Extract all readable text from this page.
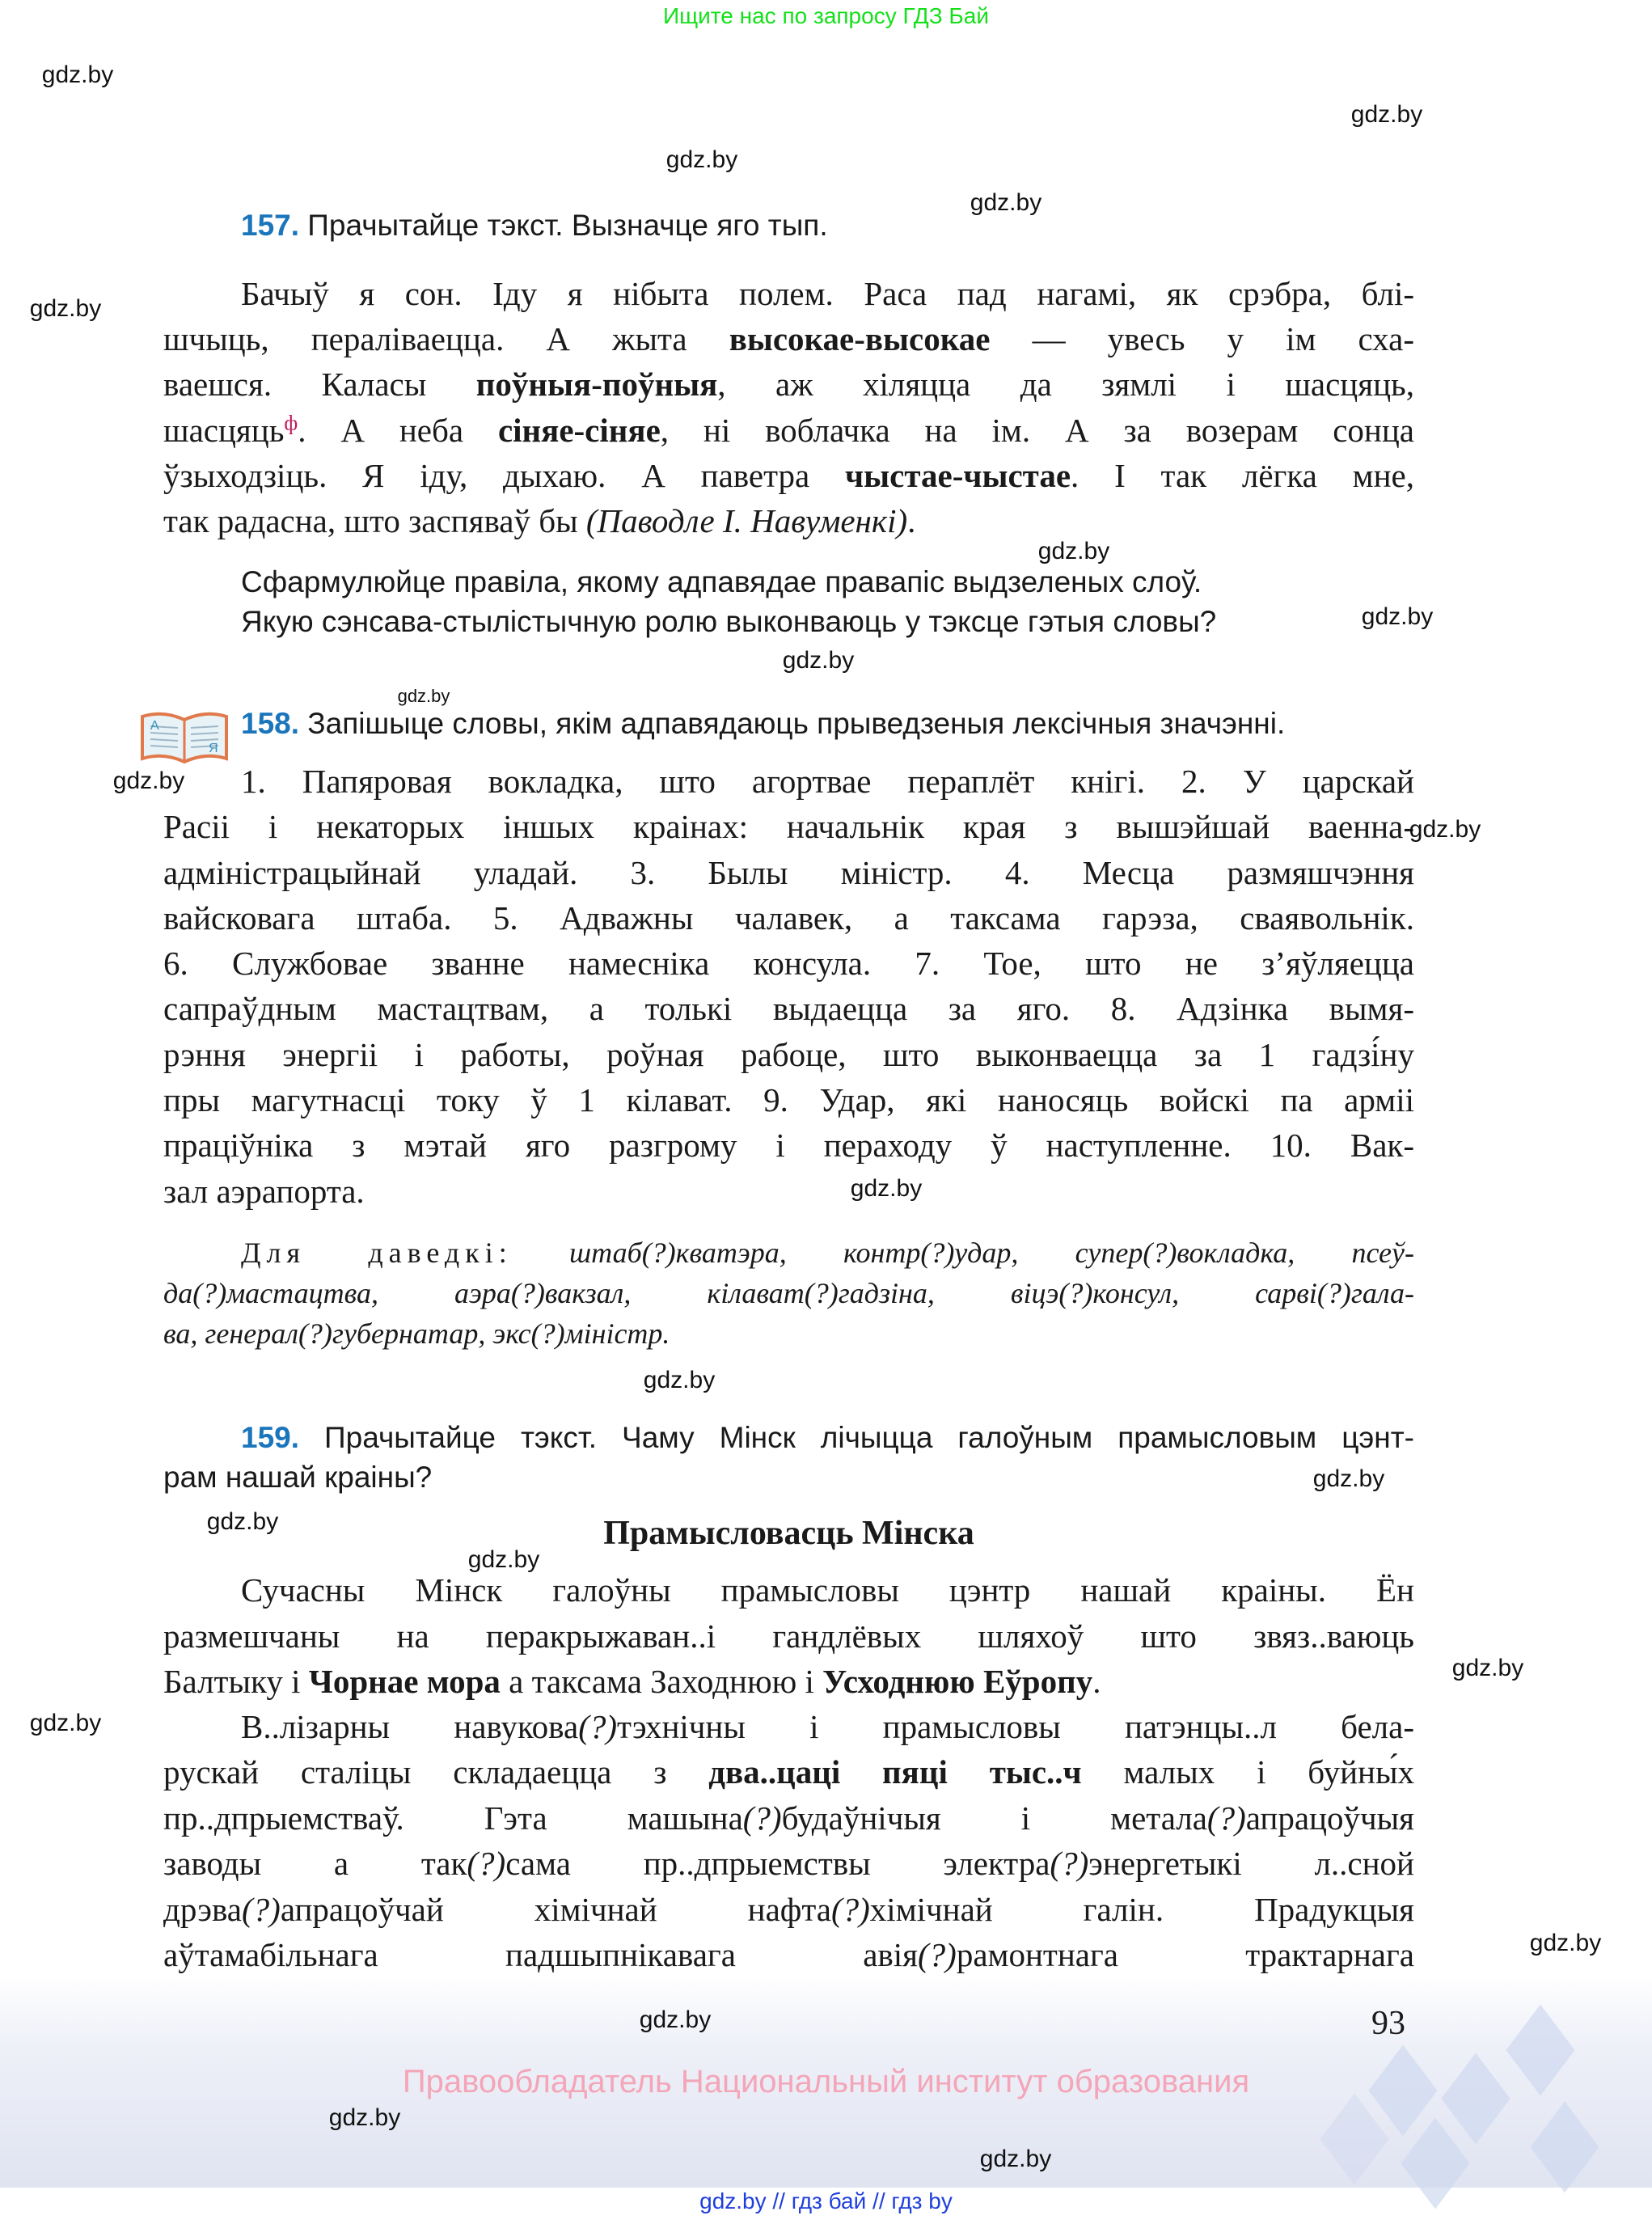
Ищите нас по запросу ГДЗ Бай
157. Прачытайце тэкст. Вызначце яго тып.
Бачыў я сон. Іду я нібыта полем. Раса пад нагамі, як срэбра, блі-
шчыць, пераліваецца. А жыта высокае-высокае — увесь у ім сха-
ваешся. Каласы поўныя-поўныя, аж хіляцца да зямлі і шасцяць,
шасцяць$^ф$. А неба сіняе-сіняе, ні воблачка на ім. А за возерам сонца
ўзыходзіць. Я іду, дыхаю. А паветра чыстае-чыстае. І так лёгка мне,
так радасна, што заспяваў бы (Паводле І. Навуменкі).
Сфармулюйце правіла, якому адпавядае правапіс выдзеленых слоў.
Якую сэнсава-стылістычную ролю выконваюць у тэксце гэтыя словы?
А
Я
158. Запішыце словы, якім адпавядаюць прыведзеныя лексічныя значэнні.
1. Папяровая вокладка, што агортвае пераплёт кнігі. 2. У царскай
Расіі і некаторых іншых краінах: начальнік края з вышэйшай ваенна-
адміністрацыйнай уладай. 3. Былы міністр. 4. Месца размяшчэння
вайсковага штаба. 5. Адважны чалавек, а таксама гарэза, сваявольнік.
6. Службовае званне намесніка консула. 7. Тое, што не з’яўляецца
сапраўдным мастацтвам, а толькі выдаецца за яго. 8. Адзінка вымя-
рэння энергіі і работы, роўная рабоце, што выконваецца за 1 гадзі́ну
пры магутнасці току ў 1 кілават. 9. Удар, які наносяць войскі па арміі
праціўніка з мэтай яго разгрому і пераходу ў наступленне. 10. Вак-
зал аэрапорта.
Для даведкі: штаб(?)кватэра, контр(?)удар, супер(?)вокладка, псеў-
да(?)мастацтва, аэра(?)вакзал, кілават(?)гадзіна, віцэ(?)консул, сарві(?)гала-
ва, генерал(?)губернатар, экс(?)міністр.
159. Прачытайце тэкст. Чаму Мінск лічыцца галоўным прамысловым цэнт-
рам нашай краіны?
Прамысловасць Мінска
Сучасны Мінск галоўны прамысловы цэнтр нашай краіны. Ён
размешчаны на перакрыжаван..і гандлёвых шляхоў што звяз..ваюць
Балтыку і Чорнае мора а таксама Заходнюю і Усходнюю Еўропу.
В..лізарны навукова(?)тэхнічны і прамысловы патэнцы..л бела-
рускай сталіцы складаецца з два..цаці пяці тыс..ч малых і буйны́х
пр..дпрыемстваў. Гэта машына(?)будаўнічыя і метала(?)апрацоўчыя
заводы а так(?)сама пр..дпрыемствы электра(?)энергетыкі л..сной
дрэва(?)апрацоўчай хімічнай нафта(?)хімічнай галін. Прадукцыя
аўтамабільнага падшыпнікавага авія(?)рамонтнага трактарнага
93
Правообладатель Национальный институт образования
gdz.by // гдз бай // гдз by
gdz.by
gdz.by
gdz.by
gdz.by
gdz.by
gdz.by
gdz.by
gdz.by
gdz.by
gdz.by
gdz.by
gdz.by
gdz.by
gdz.by
gdz.by
gdz.by
gdz.by
gdz.by
gdz.by
gdz.by
gdz.by
gdz.by
